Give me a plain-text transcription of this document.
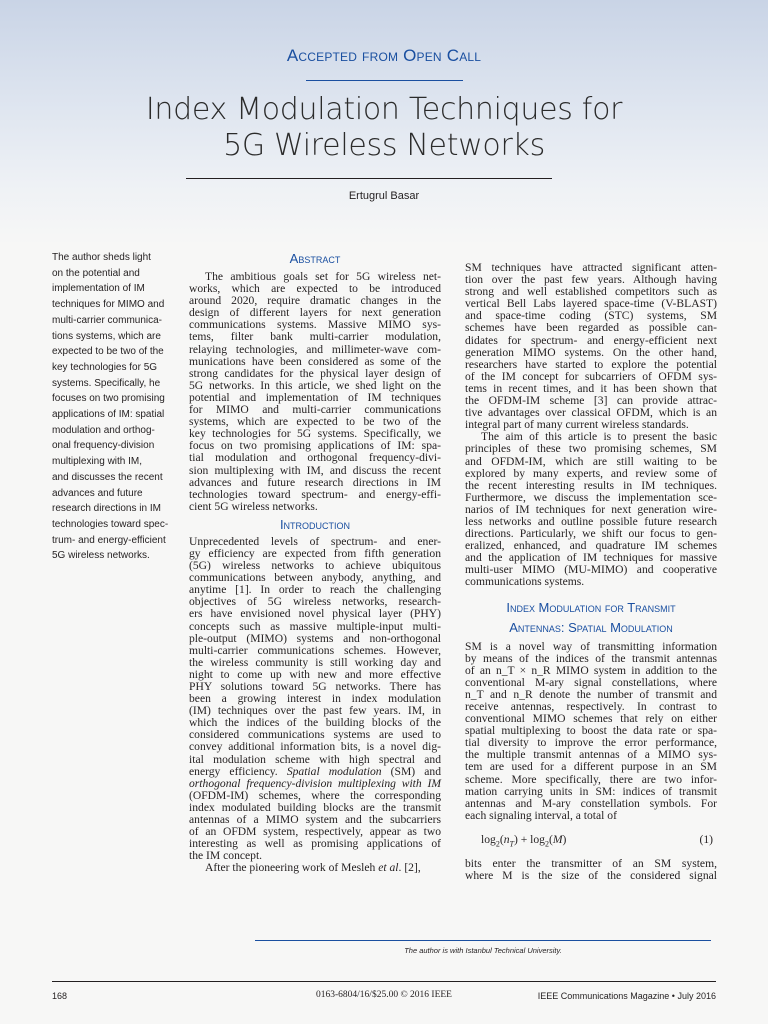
Accepted from Open Call
Index Modulation Techniques for
5G Wireless Networks
Ertugrul Basar

The author sheds light
on the potential and
implementation of IM
techniques for MIMO and
multi-carrier communica-
tions systems, which are
expected to be two of the
key technologies for 5G
systems. Specifically, he
focuses on two promising
applications of IM: spatial
modulation and orthog-
onal frequency-division
multiplexing with IM,
and discusses the recent
advances and future
research directions in IM
technologies toward spec-
trum- and energy-efficient
5G wireless networks.

Abstract

The ambitious goals set for 5G wireless net-
works, which are expected to be introduced
around 2020, require dramatic changes in the
design of different layers for next generation
communications systems. Massive MIMO sys-
tems, filter bank multi-carrier modulation,
relaying technologies, and millimeter-wave com-
munications have been considered as some of the
strong candidates for the physical layer design of
5G networks. In this article, we shed light on the
potential and implementation of IM techniques
for MIMO and multi-carrier communications
systems, which are expected to be two of the
key technologies for 5G systems. Specifically, we
focus on two promising applications of IM: spa-
tial modulation and orthogonal frequency-divi-
sion multiplexing with IM, and discuss the recent
advances and future research directions in IM
technologies toward spectrum- and energy-effi-
cient 5G wireless networks.

Introduction

Unprecedented levels of spectrum- and ener-
gy efficiency are expected from fifth generation
(5G) wireless networks to achieve ubiquitous
communications between anybody, anything, and
anytime [1]. In order to reach the challenging
objectives of 5G wireless networks, research-
ers have envisioned novel physical layer (PHY)
concepts such as massive multiple-input multi-
ple-output (MIMO) systems and non-orthogonal
multi-carrier communications schemes. However,
the wireless community is still working day and
night to come up with new and more effective
PHY solutions toward 5G networks. There has
been a growing interest in index modulation
(IM) techniques over the past few years. IM, in
which the indices of the building blocks of the
considered communications systems are used to
convey additional information bits, is a novel dig-
ital modulation scheme with high spectral and
energy efficiency. Spatial modulation (SM) and
orthogonal frequency-division multiplexing with IM
(OFDM-IM) schemes, where the corresponding
index modulated building blocks are the transmit
antennas of a MIMO system and the subcarriers
of an OFDM system, respectively, appear as two
interesting as well as promising applications of
the IM concept.
After the pioneering work of Mesleh et al. [2],

SM techniques have attracted significant atten-
tion over the past few years. Although having
strong and well established competitors such as
vertical Bell Labs layered space-time (V-BLAST)
and space-time coding (STC) systems, SM
schemes have been regarded as possible can-
didates for spectrum- and energy-efficient next
generation MIMO systems. On the other hand,
researchers have started to explore the potential
of the IM concept for subcarriers of OFDM sys-
tems in recent times, and it has been shown that
the OFDM-IM scheme [3] can provide attrac-
tive advantages over classical OFDM, which is an
integral part of many current wireless standards.

The aim of this article is to present the basic
principles of these two promising schemes, SM
and OFDM-IM, which are still waiting to be
explored by many experts, and review some of
the recent interesting results in IM techniques.
Furthermore, we discuss the implementation sce-
narios of IM techniques for next generation wire-
less networks and outline possible future research
directions. Particularly, we shift our focus to gen-
eralized, enhanced, and quadrature IM schemes
and the application of IM techniques for massive
multi-user MIMO (MU-MIMO) and cooperative
communications systems.

Index Modulation for Transmit
Antennas: Spatial Modulation

SM is a novel way of transmitting information
by means of the indices of the transmit antennas
of an n_T × n_R MIMO system in addition to the
conventional M-ary signal constellations, where
n_T and n_R denote the number of transmit and
receive antennas, respectively. In contrast to
conventional MIMO schemes that rely on either
spatial multiplexing to boost the data rate or spa-
tial diversity to improve the error performance,
the multiple transmit antennas of a MIMO sys-
tem are used for a different purpose in an SM
scheme. More specifically, there are two infor-
mation carrying units in SM: indices of transmit
antennas and M-ary constellation symbols. For
each signaling interval, a total of

$\log_2(n_T) + \log_2(M)$	(1)

bits enter the transmitter of an SM system,
where M is the size of the considered signal

The author is with Istanbul Technical University.
168	0163-6804/16/$25.00 © 2016 IEEE	IEEE Communications Magazine • July 2016
